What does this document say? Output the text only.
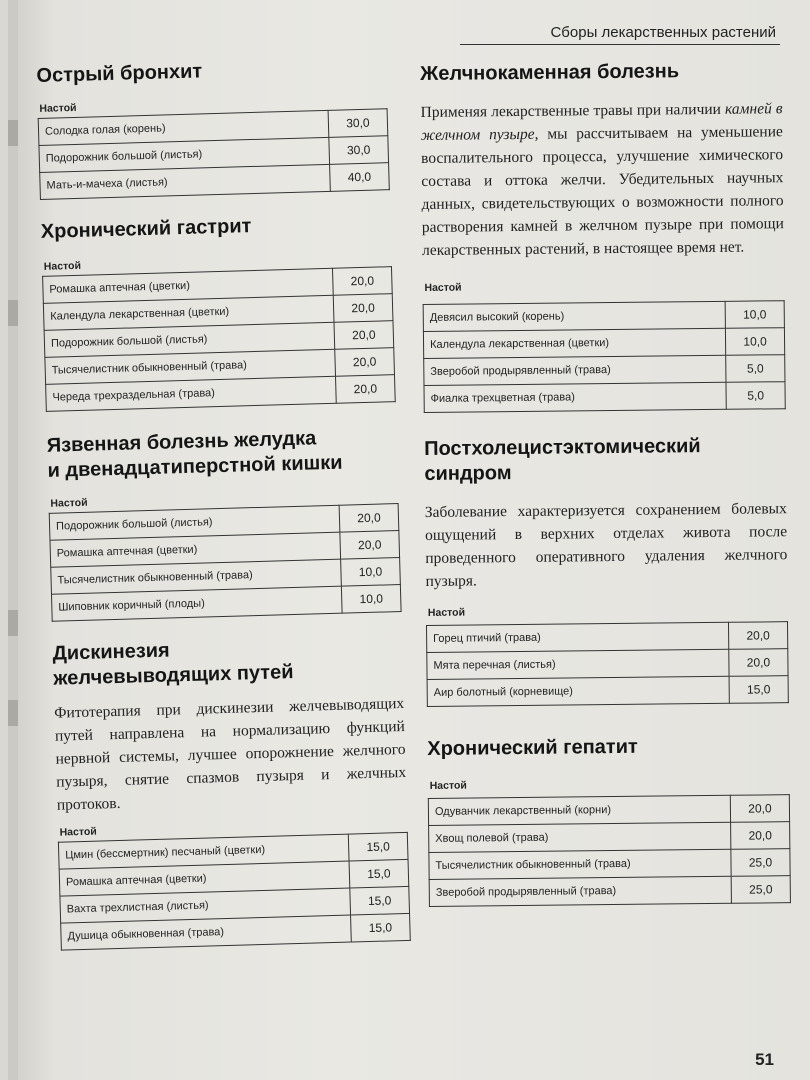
Сборы лекарственных растений
Острый бронхит
Настой
Солодка голая (корень)	30,0
Подорожник большой (листья)	30,0
Мать-и-мачеха (листья)	40,0
Хронический гастрит
Настой
Ромашка аптечная (цветки)	20,0
Календула лекарственная (цветки)	20,0
Подорожник большой (листья)	20,0
Тысячелистник обыкновенный (трава)	20,0
Череда трехраздельная (трава)	20,0
Язвенная болезнь желудка
и двенадцатиперстной кишки
Настой
Подорожник большой (листья)	20,0
Ромашка аптечная (цветки)	20,0
Тысячелистник обыкновенный (трава)	10,0
Шиповник коричный (плоды)	10,0
Дискинезия
желчевыводящих путей

Фитотерапия при дискинезии желчевыводящих путей направлена на нормализацию функций нервной системы, лучшее опорожнение желчного пузыря, снятие спазмов пузыря и желчных протоков.

Настой
Цмин (бессмертник) песчаный (цветки)	15,0
Ромашка аптечная (цветки)	15,0
Вахта трехлистная (листья)	15,0
Душица обыкновенная (трава)	15,0
Желчнокаменная болезнь

Применяя лекарственные травы при наличии камней в желчном пузыре, мы рассчитываем на уменьшение воспалительного процесса, улучшение химического состава и оттока желчи. Убедительных научных данных, свидетельствующих о возможности полного растворения камней в желчном пузыре при помощи лекарственных растений, в настоящее время нет.

Настой
Девясил высокий (корень)	10,0
Календула лекарственная (цветки)	10,0
Зверобой продырявленный (трава)	5,0
Фиалка трехцветная (трава)	5,0
Постхолецистэктомический
синдром

Заболевание характеризуется сохранением болевых ощущений в верхних отделах живота после проведенного оперативного удаления желчного пузыря.

Настой
Горец птичий (трава)	20,0
Мята перечная (листья)	20,0
Аир болотный (корневище)	15,0
Хронический гепатит
Настой
Одуванчик лекарственный (корни)	20,0
Хвощ полевой (трава)	20,0
Тысячелистник обыкновенный (трава)	25,0
Зверобой продырявленный (трава)	25,0
51
